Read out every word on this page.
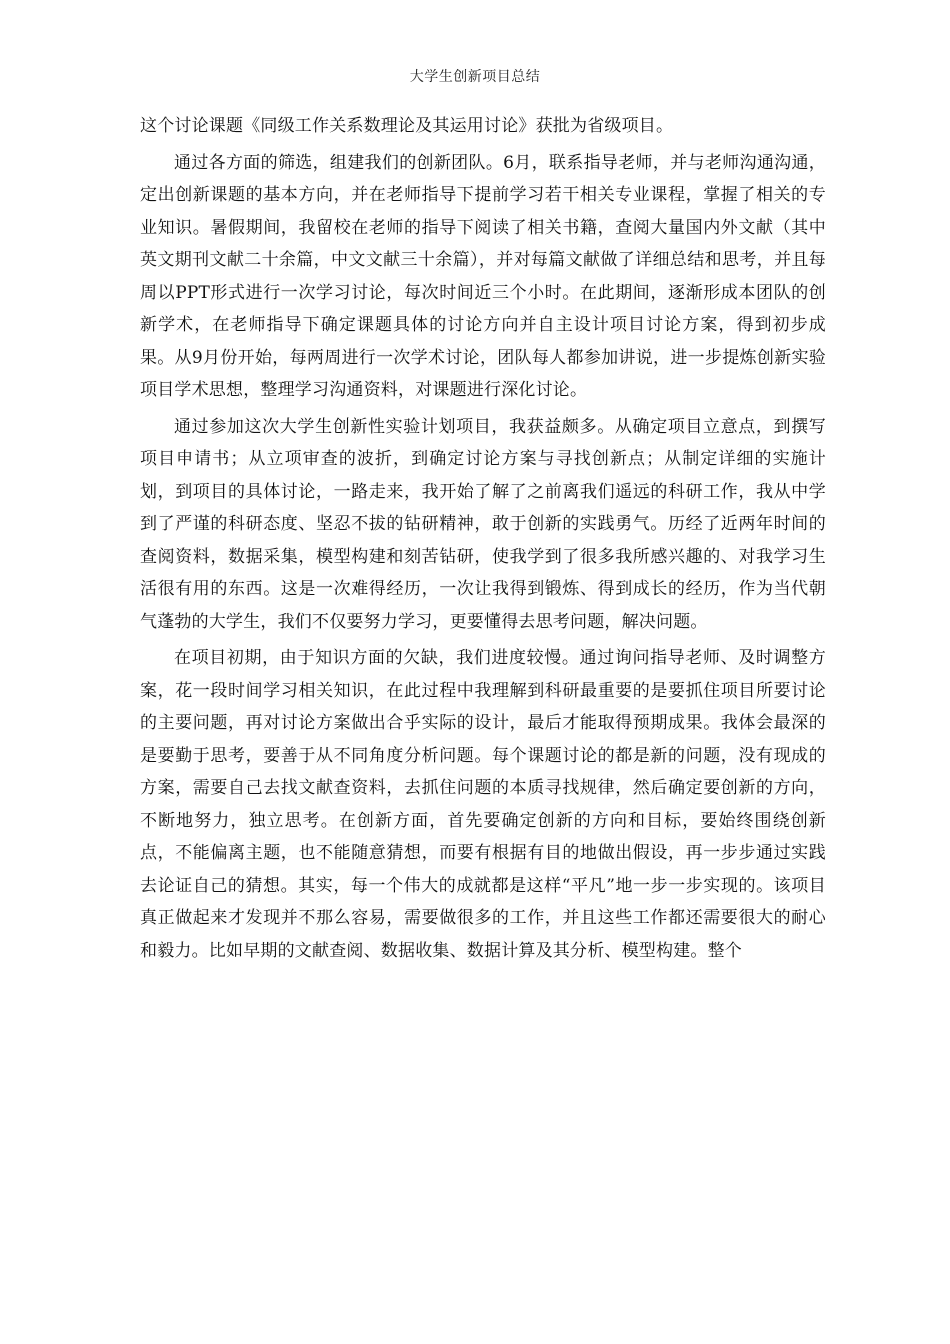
大学生创新项目总结

这个讨论课题《同级工作关系数理论及其运用讨论》获批为省级项目。

通过各方面的筛选，组建我们的创新团队。6月，联系指导老师，并与老师沟通沟通，定出创新课题的基本方向，并在老师指导下提前学习若干相关专业课程，掌握了相关的专业知识。暑假期间，我留校在老师的指导下阅读了相关书籍，查阅大量国内外文献（其中英文期刊文献二十余篇，中文文献三十余篇），并对每篇文献做了详细总结和思考，并且每周以PPT形式进行一次学习讨论，每次时间近三个小时。在此期间，逐渐形成本团队的创新学术，在老师指导下确定课题具体的讨论方向并自主设计项目讨论方案，得到初步成果。从9月份开始，每两周进行一次学术讨论，团队每人都参加讲说，进一步提炼创新实验项目学术思想，整理学习沟通资料，对课题进行深化讨论。

通过参加这次大学生创新性实验计划项目，我获益颇多。从确定项目立意点，到撰写项目申请书；从立项审查的波折，到确定讨论方案与寻找创新点；从制定详细的实施计划，到项目的具体讨论，一路走来，我开始了解了之前离我们遥远的科研工作，我从中学到了严谨的科研态度、坚忍不拔的钻研精神，敢于创新的实践勇气。历经了近两年时间的查阅资料，数据采集，模型构建和刻苦钻研，使我学到了很多我所感兴趣的、对我学习生活很有用的东西。这是一次难得经历，一次让我得到锻炼、得到成长的经历，作为当代朝气蓬勃的大学生，我们不仅要努力学习，更要懂得去思考问题，解决问题。

在项目初期，由于知识方面的欠缺，我们进度较慢。通过询问指导老师、及时调整方案，花一段时间学习相关知识，在此过程中我理解到科研最重要的是要抓住项目所要讨论的主要问题，再对讨论方案做出合乎实际的设计，最后才能取得预期成果。我体会最深的是要勤于思考，要善于从不同角度分析问题。每个课题讨论的都是新的问题，没有现成的方案，需要自己去找文献查资料，去抓住问题的本质寻找规律，然后确定要创新的方向，不断地努力，独立思考。在创新方面，首先要确定创新的方向和目标，要始终围绕创新点，不能偏离主题，也不能随意猜想，而要有根据有目的地做出假设，再一步步通过实践去论证自己的猜想。其实，每一个伟大的成就都是这样“平凡”地一步一步实现的。该项目真正做起来才发现并不那么容易，需要做很多的工作，并且这些工作都还需要很大的耐心和毅力。比如早期的文献查阅、数据收集、数据计算及其分析、模型构建。整个
